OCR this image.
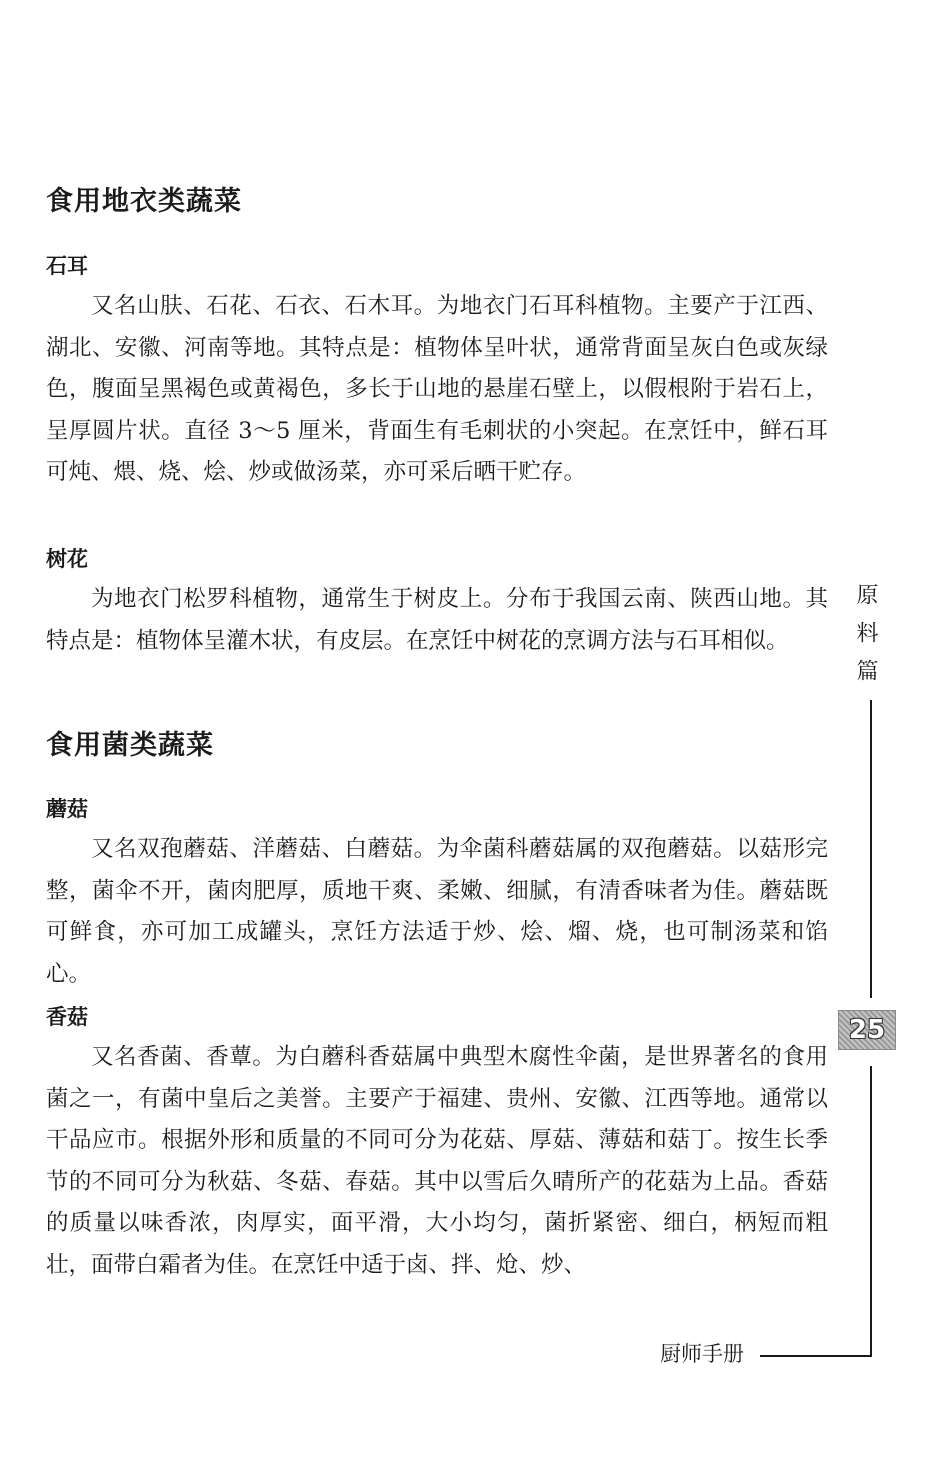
食用地衣类蔬菜
石耳

又名山肤、石花、石衣、石木耳。为地衣门石耳科植物。主要产于江西、湖北、安徽、河南等地。其特点是：植物体呈叶状，通常背面呈灰白色或灰绿色，腹面呈黑褐色或黄褐色，多长于山地的悬崖石壁上，以假根附于岩石上，呈厚圆片状。直径 3～5 厘米，背面生有毛刺状的小突起。在烹饪中，鲜石耳可炖、煨、烧、烩、炒或做汤菜，亦可采后晒干贮存。

树花

为地衣门松罗科植物，通常生于树皮上。分布于我国云南、陕西山地。其特点是：植物体呈灌木状，有皮层。在烹饪中树花的烹调方法与石耳相似。

食用菌类蔬菜
蘑菇

又名双孢蘑菇、洋蘑菇、白蘑菇。为伞菌科蘑菇属的双孢蘑菇。以菇形完整，菌伞不开，菌肉肥厚，质地干爽、柔嫩、细腻，有清香味者为佳。蘑菇既可鲜食，亦可加工成罐头，烹饪方法适于炒、烩、熘、烧，也可制汤菜和馅心。

香菇

又名香菌、香蕈。为白蘑科香菇属中典型木腐性伞菌，是世界著名的食用菌之一，有菌中皇后之美誉。主要产于福建、贵州、安徽、江西等地。通常以干品应市。根据外形和质量的不同可分为花菇、厚菇、薄菇和菇丁。按生长季节的不同可分为秋菇、冬菇、春菇。其中以雪后久晴所产的花菇为上品。香菇的质量以味香浓，肉厚实，面平滑，大小均匀，菌折紧密、细白，柄短而粗壮，面带白霜者为佳。在烹饪中适于卤、拌、炝、炒、

原料篇
25
厨师手册
